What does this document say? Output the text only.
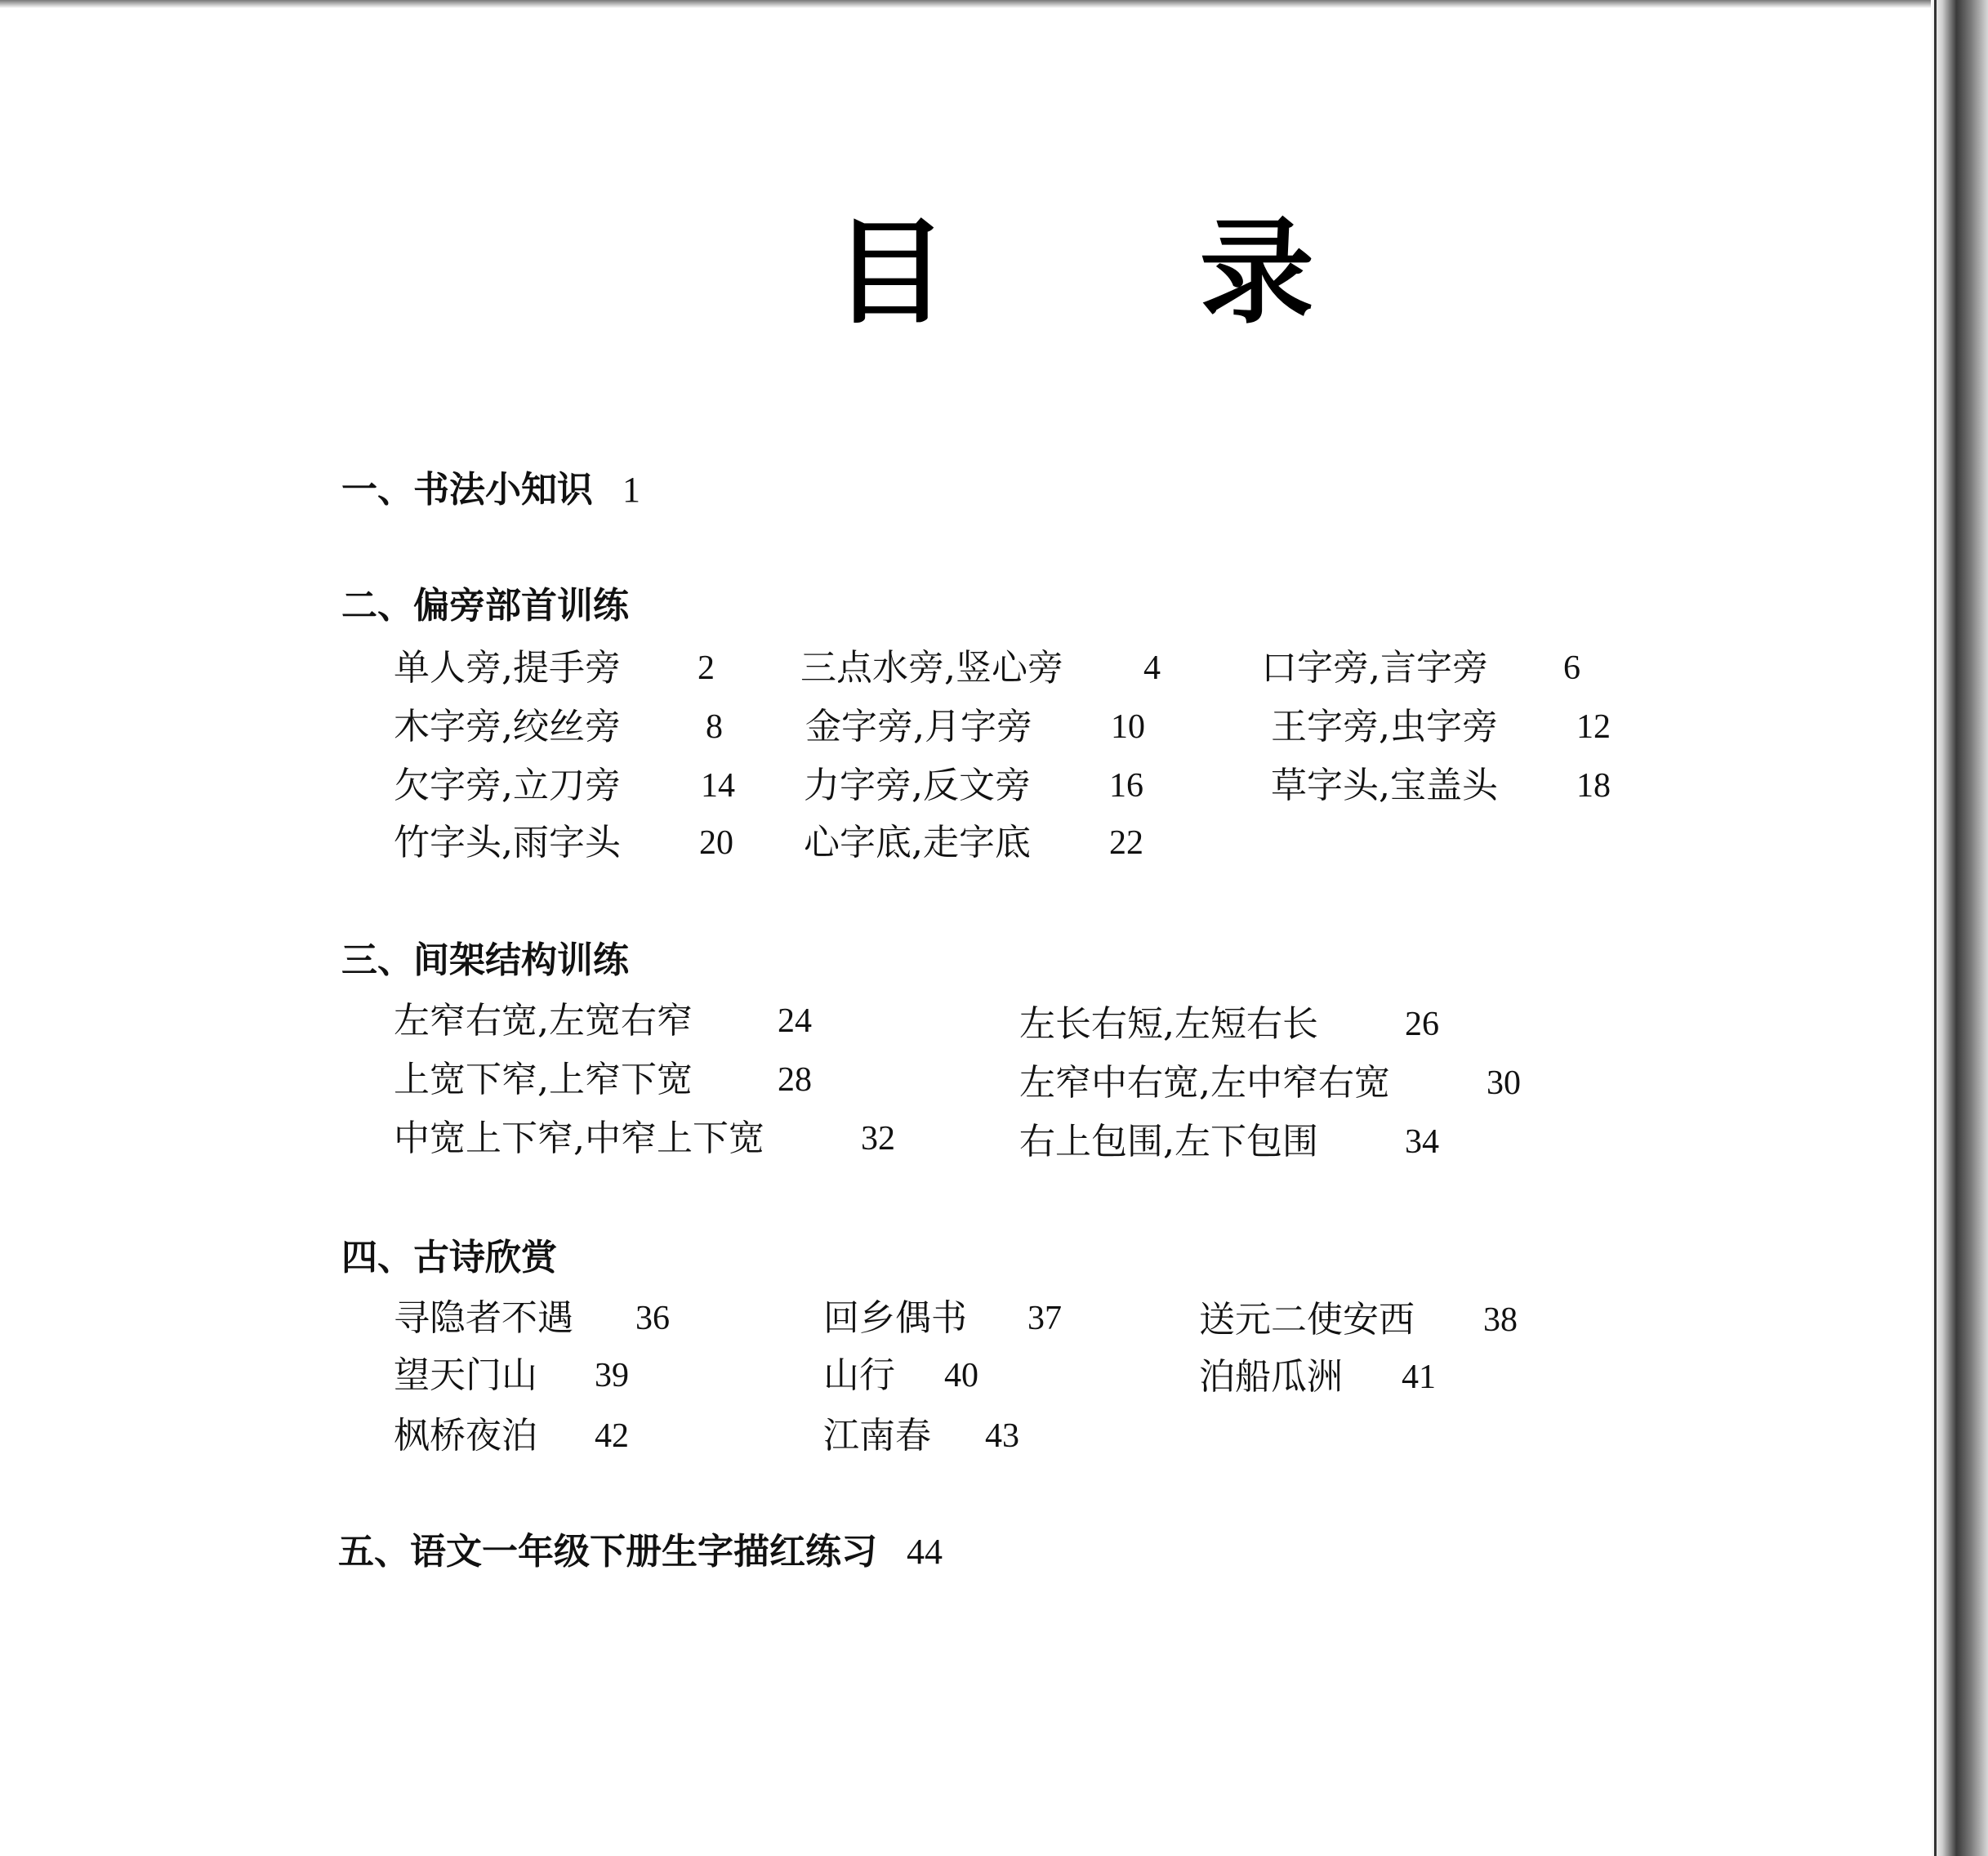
目 录
一、书法小知识 1
二、偏旁部首训练
单人旁,提手旁 2 三点水旁,竖心旁 4	口字旁,言字旁 6
木字旁,绞丝旁 8 金字旁,月字旁 10	王字旁,虫字旁 12
欠字旁,立刀旁 14 力字旁,反文旁 16	草字头,宝盖头 18
竹字头,雨字头 20 心字底,走字底 22
三、间架结构训练
左窄右宽,左宽右窄 24	左长右短,左短右长	26
上宽下窄,上窄下宽 28	左窄中右宽,左中窄右宽	30
中宽上下窄,中窄上下宽	32	右上包围,左下包围	34
四、古诗欣赏
寻隐者不遇 36	回乡偶书 37	送元二使安西 38
望天门山 39	山行 40	泊船瓜洲 41
枫桥夜泊 42	江南春 43
五、语文一年级下册生字描红练习 44
